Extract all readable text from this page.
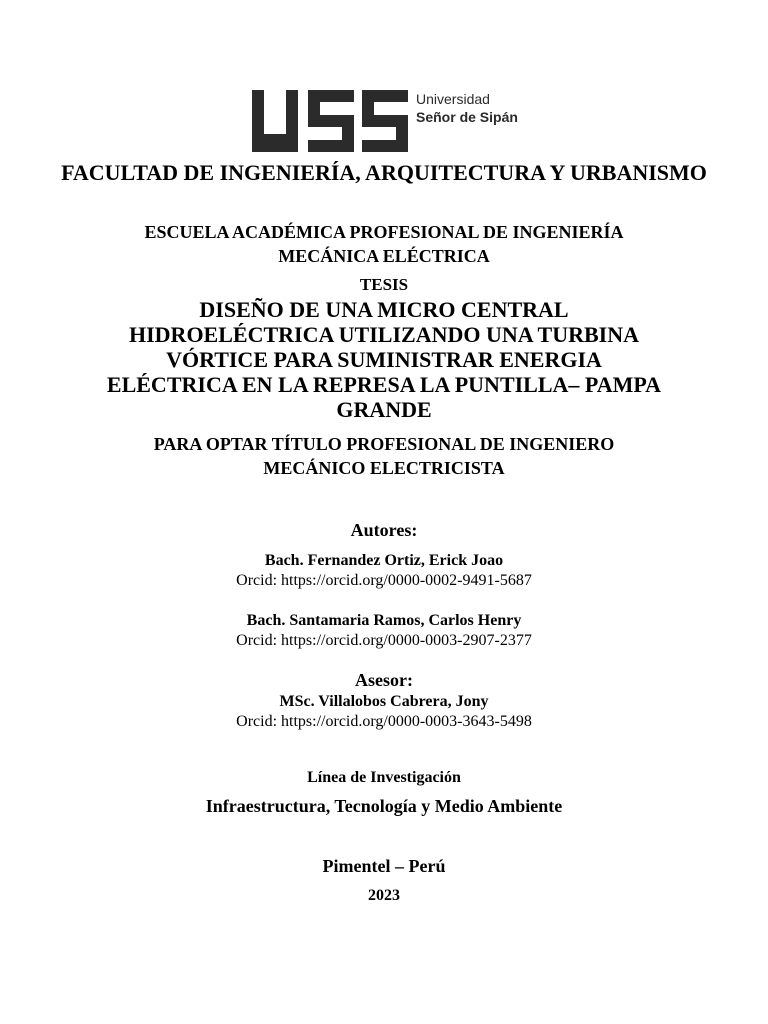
Universidad
Señor de Sipán
FACULTAD DE INGENIERÍA, ARQUITECTURA Y URBANISMO
ESCUELA ACADÉMICA PROFESIONAL DE INGENIERÍA MECÁNICA ELÉCTRICA
TESIS
DISEÑO DE UNA MICRO CENTRAL HIDROELÉCTRICA UTILIZANDO UNA TURBINA VÓRTICE PARA SUMINISTRAR ENERGIA ELÉCTRICA EN LA REPRESA LA PUNTILLA– PAMPA GRANDE
PARA OPTAR TÍTULO PROFESIONAL DE INGENIERO MECÁNICO ELECTRICISTA
Autores:
Bach. Fernandez Ortiz, Erick Joao
Orcid: https://orcid.org/0000-0002-9491-5687
Bach. Santamaria Ramos, Carlos Henry
Orcid: https://orcid.org/0000-0003-2907-2377
Asesor:
MSc. Villalobos Cabrera, Jony
Orcid: https://orcid.org/0000-0003-3643-5498
Línea de Investigación
Infraestructura, Tecnología y Medio Ambiente
Pimentel – Perú
2023
